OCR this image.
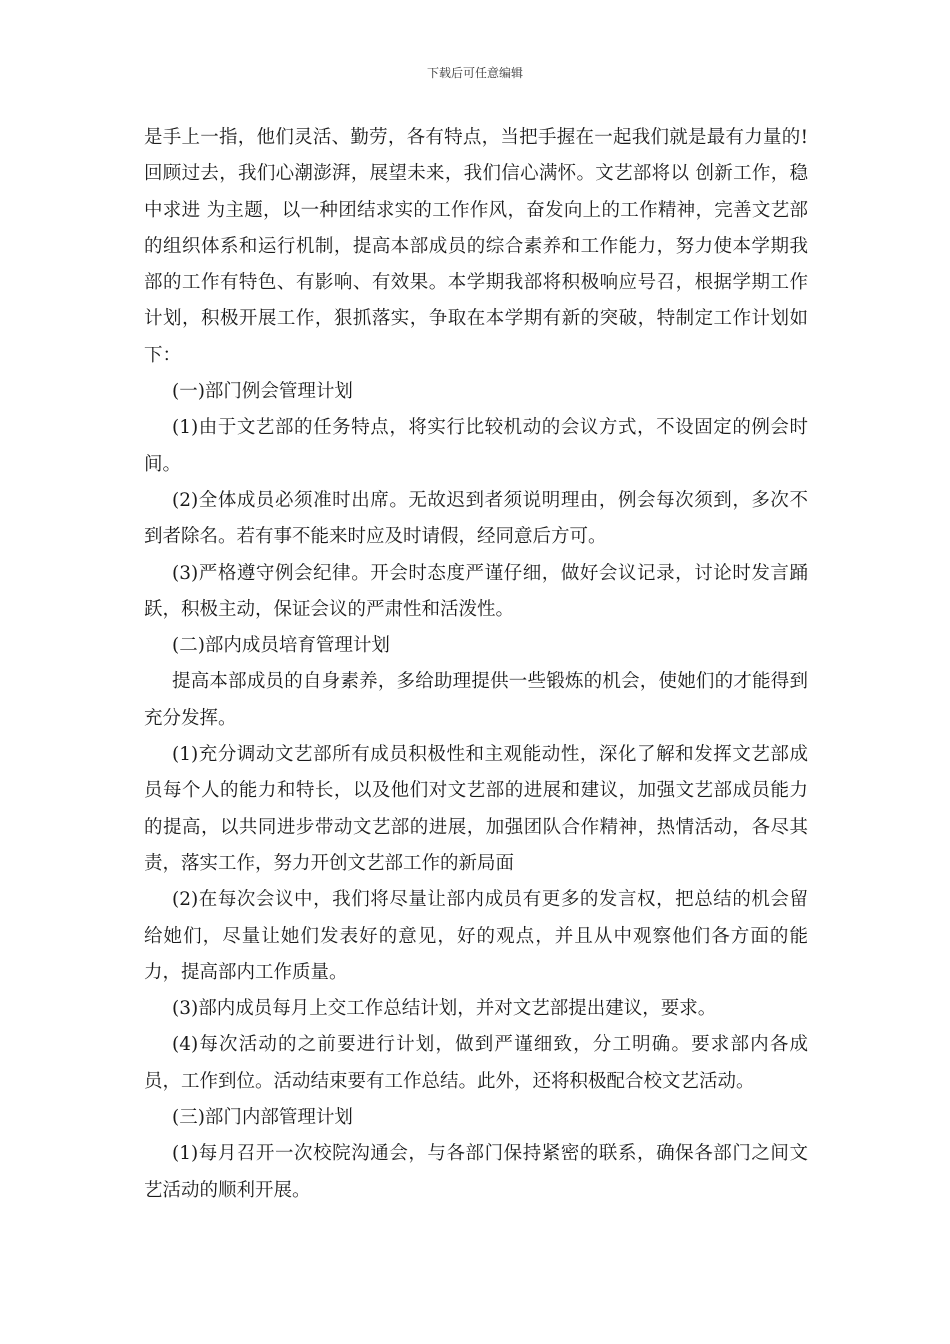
下载后可任意编辑

是手上一指，他们灵活、勤劳，各有特点，当把手握在一起我们就是最有力量的!回顾过去，我们心潮澎湃，展望未来，我们信心满怀。文艺部将以 创新工作，稳中求进 为主题，以一种团结求实的工作作风，奋发向上的工作精神，完善文艺部的组织体系和运行机制，提高本部成员的综合素养和工作能力，努力使本学期我部的工作有特色、有影响、有效果。本学期我部将积极响应号召，根据学期工作计划，积极开展工作，狠抓落实，争取在本学期有新的突破，特制定工作计划如下：

(一)部门例会管理计划

(1)由于文艺部的任务特点，将实行比较机动的会议方式，不设固定的例会时间。

(2)全体成员必须准时出席。无故迟到者须说明理由，例会每次须到，多次不到者除名。若有事不能来时应及时请假，经同意后方可。

(3)严格遵守例会纪律。开会时态度严谨仔细，做好会议记录，讨论时发言踊跃，积极主动，保证会议的严肃性和活泼性。

(二)部内成员培育管理计划

提高本部成员的自身素养，多给助理提供一些锻炼的机会，使她们的才能得到充分发挥。

(1)充分调动文艺部所有成员积极性和主观能动性，深化了解和发挥文艺部成员每个人的能力和特长，以及他们对文艺部的进展和建议，加强文艺部成员能力的提高，以共同进步带动文艺部的进展，加强团队合作精神，热情活动，各尽其责，落实工作，努力开创文艺部工作的新局面

(2)在每次会议中，我们将尽量让部内成员有更多的发言权，把总结的机会留给她们，尽量让她们发表好的意见，好的观点，并且从中观察他们各方面的能力，提高部内工作质量。

(3)部内成员每月上交工作总结计划，并对文艺部提出建议，要求。

(4)每次活动的之前要进行计划，做到严谨细致，分工明确。要求部内各成员，工作到位。活动结束要有工作总结。此外，还将积极配合校文艺活动。

(三)部门内部管理计划

(1)每月召开一次校院沟通会，与各部门保持紧密的联系，确保各部门之间文艺活动的顺利开展。
